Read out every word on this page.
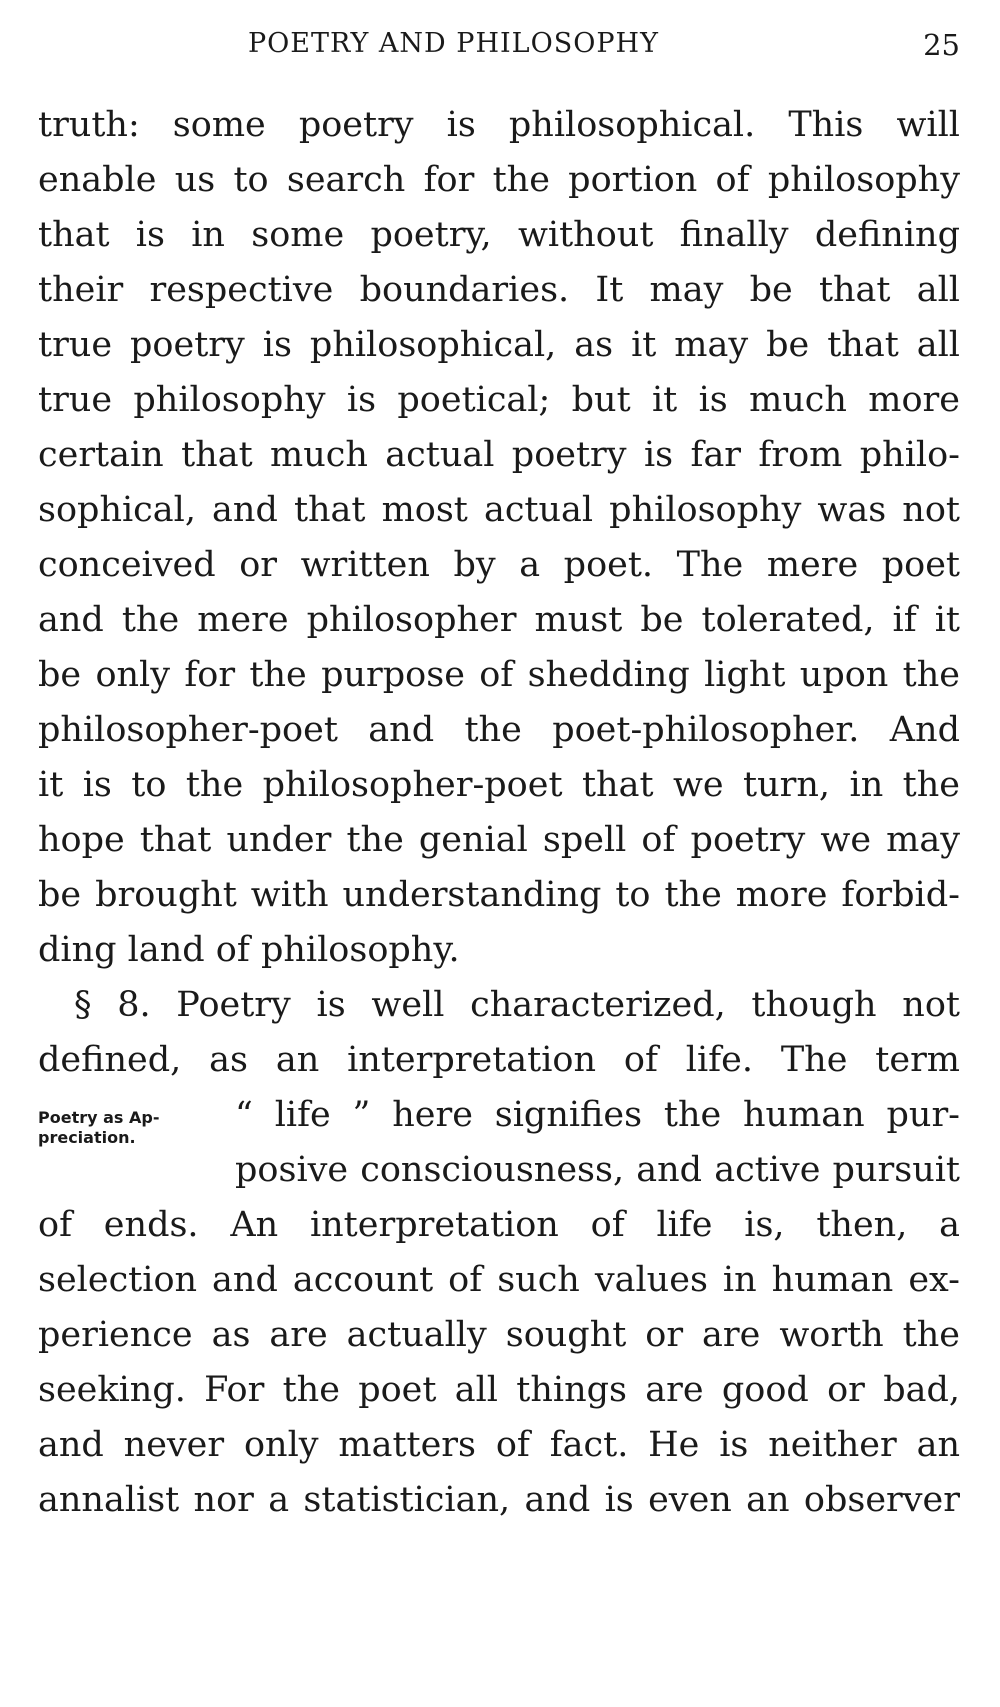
POETRY AND PHILOSOPHY	25
truth: some poetry is philosophical. This will
enable us to search for the portion of philosophy
that is in some poetry, without finally defining
their respective boundaries. It may be that all
true poetry is philosophical, as it may be that all
true philosophy is poetical; but it is much more
certain that much actual poetry is far from philo-
sophical, and that most actual philosophy was not
conceived or written by a poet. The mere poet
and the mere philosopher must be tolerated, if it
be only for the purpose of shedding light upon the
philosopher-poet and the poet-philosopher. And
it is to the philosopher-poet that we turn, in the
hope that under the genial spell of poetry we may
be brought with understanding to the more forbid-
ding land of philosophy.
§ 8. Poetry is well characterized, though not
defined, as an interpretation of life. The term
“ life ” here signifies the human pur-
posive consciousness, and active pursuit
of ends. An interpretation of life is, then, a
selection and account of such values in human ex-
perience as are actually sought or are worth the
seeking. For the poet all things are good or bad,
and never only matters of fact. He is neither an
annalist nor a statistician, and is even an observer
Poetry as Ap-
preciation.
